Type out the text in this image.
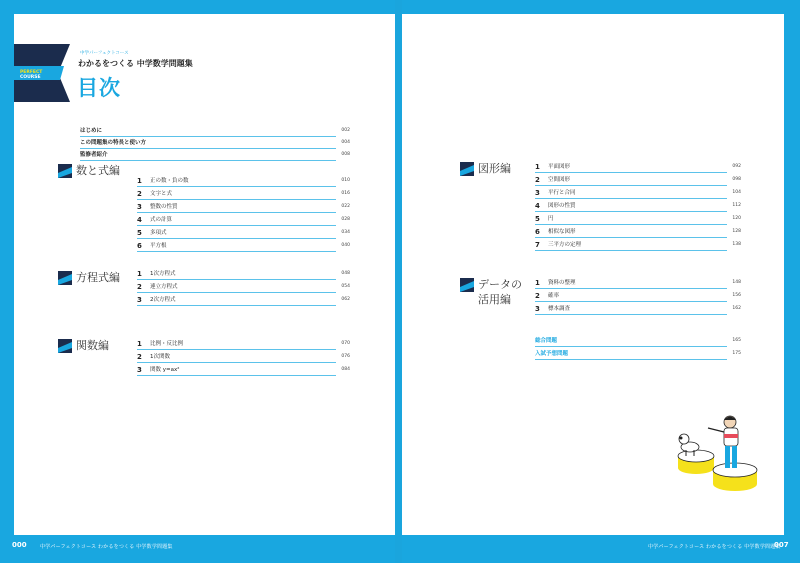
PERFECT
COURSE
中学パーフェクトコース
わかるをつくる 中学数学問題集
目次
はじめに	002
この問題集の特長と使い方	004
監修者紹介	008
数と式編
1 正の数・負の数	010
2 文字と式	016
3 整数の性質	022
4 式の計算	028
5 多項式	034
6 平方根	040
方程式編 1 1次方程式	048
2 連立方程式	054
3 2次方程式	062
関数編	1 比例・反比例	070
2 1次関数	076
3 関数 y=ax²	084
図形編	1 平面図形	092
2 空間図形	098
3 平行と合同	104
4 図形の性質	112
5 円	120
6 相似な図形	128
7 三平方の定理	138
データの
活用編
1 資料の整理	148
2 確率	156
3 標本調査	162
総合問題	165
入試予想問題	175
000	中学パーフェクトコース わかるをつくる 中学数学問題集	中学パーフェクトコース わかるをつくる 中学数学問題集
007
